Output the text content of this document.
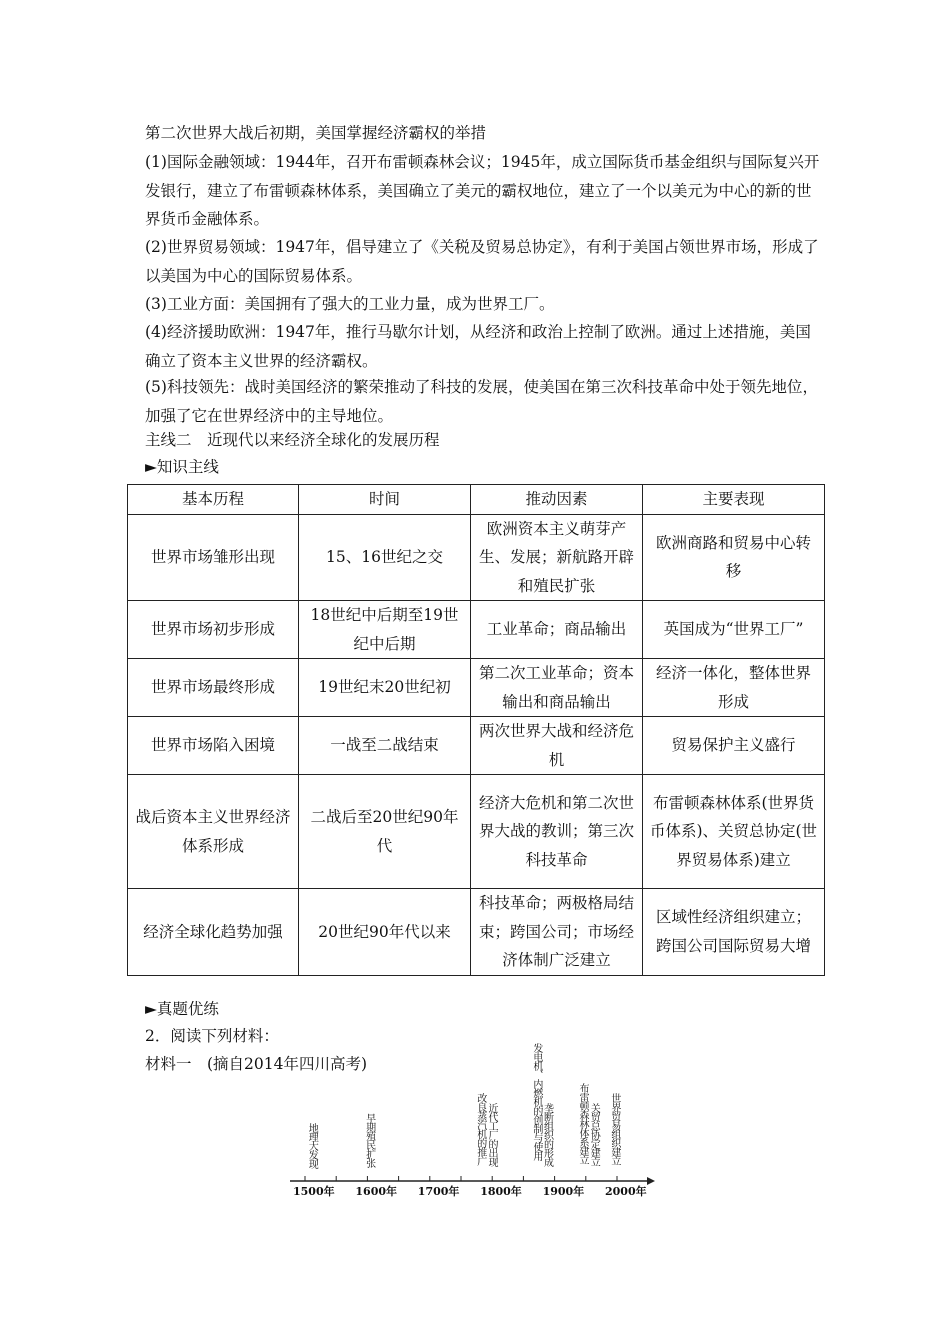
第二次世界大战后初期，美国掌握经济霸权的举措
(1)国际金融领域：1944年，召开布雷顿森林会议；1945年，成立国际货币基金组织与国际复兴开发银行，建立了布雷顿森林体系，美国确立了美元的霸权地位，建立了一个以美元为中心的新的世界货币金融体系。
(2)世界贸易领域：1947年，倡导建立了《关税及贸易总协定》，有利于美国占领世界市场，形成了以美国为中心的国际贸易体系。
(3)工业方面：美国拥有了强大的工业力量，成为世界工厂。
(4)经济援助欧洲：1947年，推行马歇尔计划，从经济和政治上控制了欧洲。通过上述措施，美国确立了资本主义世界的经济霸权。
(5)科技领先：战时美国经济的繁荣推动了科技的发展，使美国在第三次科技革命中处于领先地位，加强了它在世界经济中的主导地位。
主线二　近现代以来经济全球化的发展历程
►知识主线
基本历程	时间	推动因素	主要表现
世界市场雏形出现	15、16世纪之交	欧洲资本主义萌芽产生、发展；新航路开辟和殖民扩张	欧洲商路和贸易中心转移
世界市场初步形成	18世纪中后期至19世纪中后期	工业革命；商品输出	英国成为“世界工厂”
世界市场最终形成	19世纪末20世纪初	第二次工业革命；资本输出和商品输出	经济一体化，整体世界形成
世界市场陷入困境	一战至二战结束	两次世界大战和经济危机	贸易保护主义盛行
战后资本主义世界经济体系形成	二战后至20世纪90年代	经济大危机和第二次世界大战的教训；第三次科技革命	布雷顿森林体系(世界货币体系)、关贸总协定(世界贸易体系)建立
经济全球化趋势加强	20世纪90年代以来	科技革命；两极格局结束；跨国公司；市场经济体制广泛建立	区域性经济组织建立；跨国公司国际贸易大增
►真题优练
2．阅读下列材料：
材料一　(摘自2014年四川高考)
1500年 1600年 1700年 1800年 1900年 2000年
地理大发现	早期殖民扩张	改良蒸汽机的推广 近代工厂的出现	发电机、内燃机的创制与使用 垄断组织的形成 布雷顿森林体系建立 关贸总协定建立 世界贸易组织建立
